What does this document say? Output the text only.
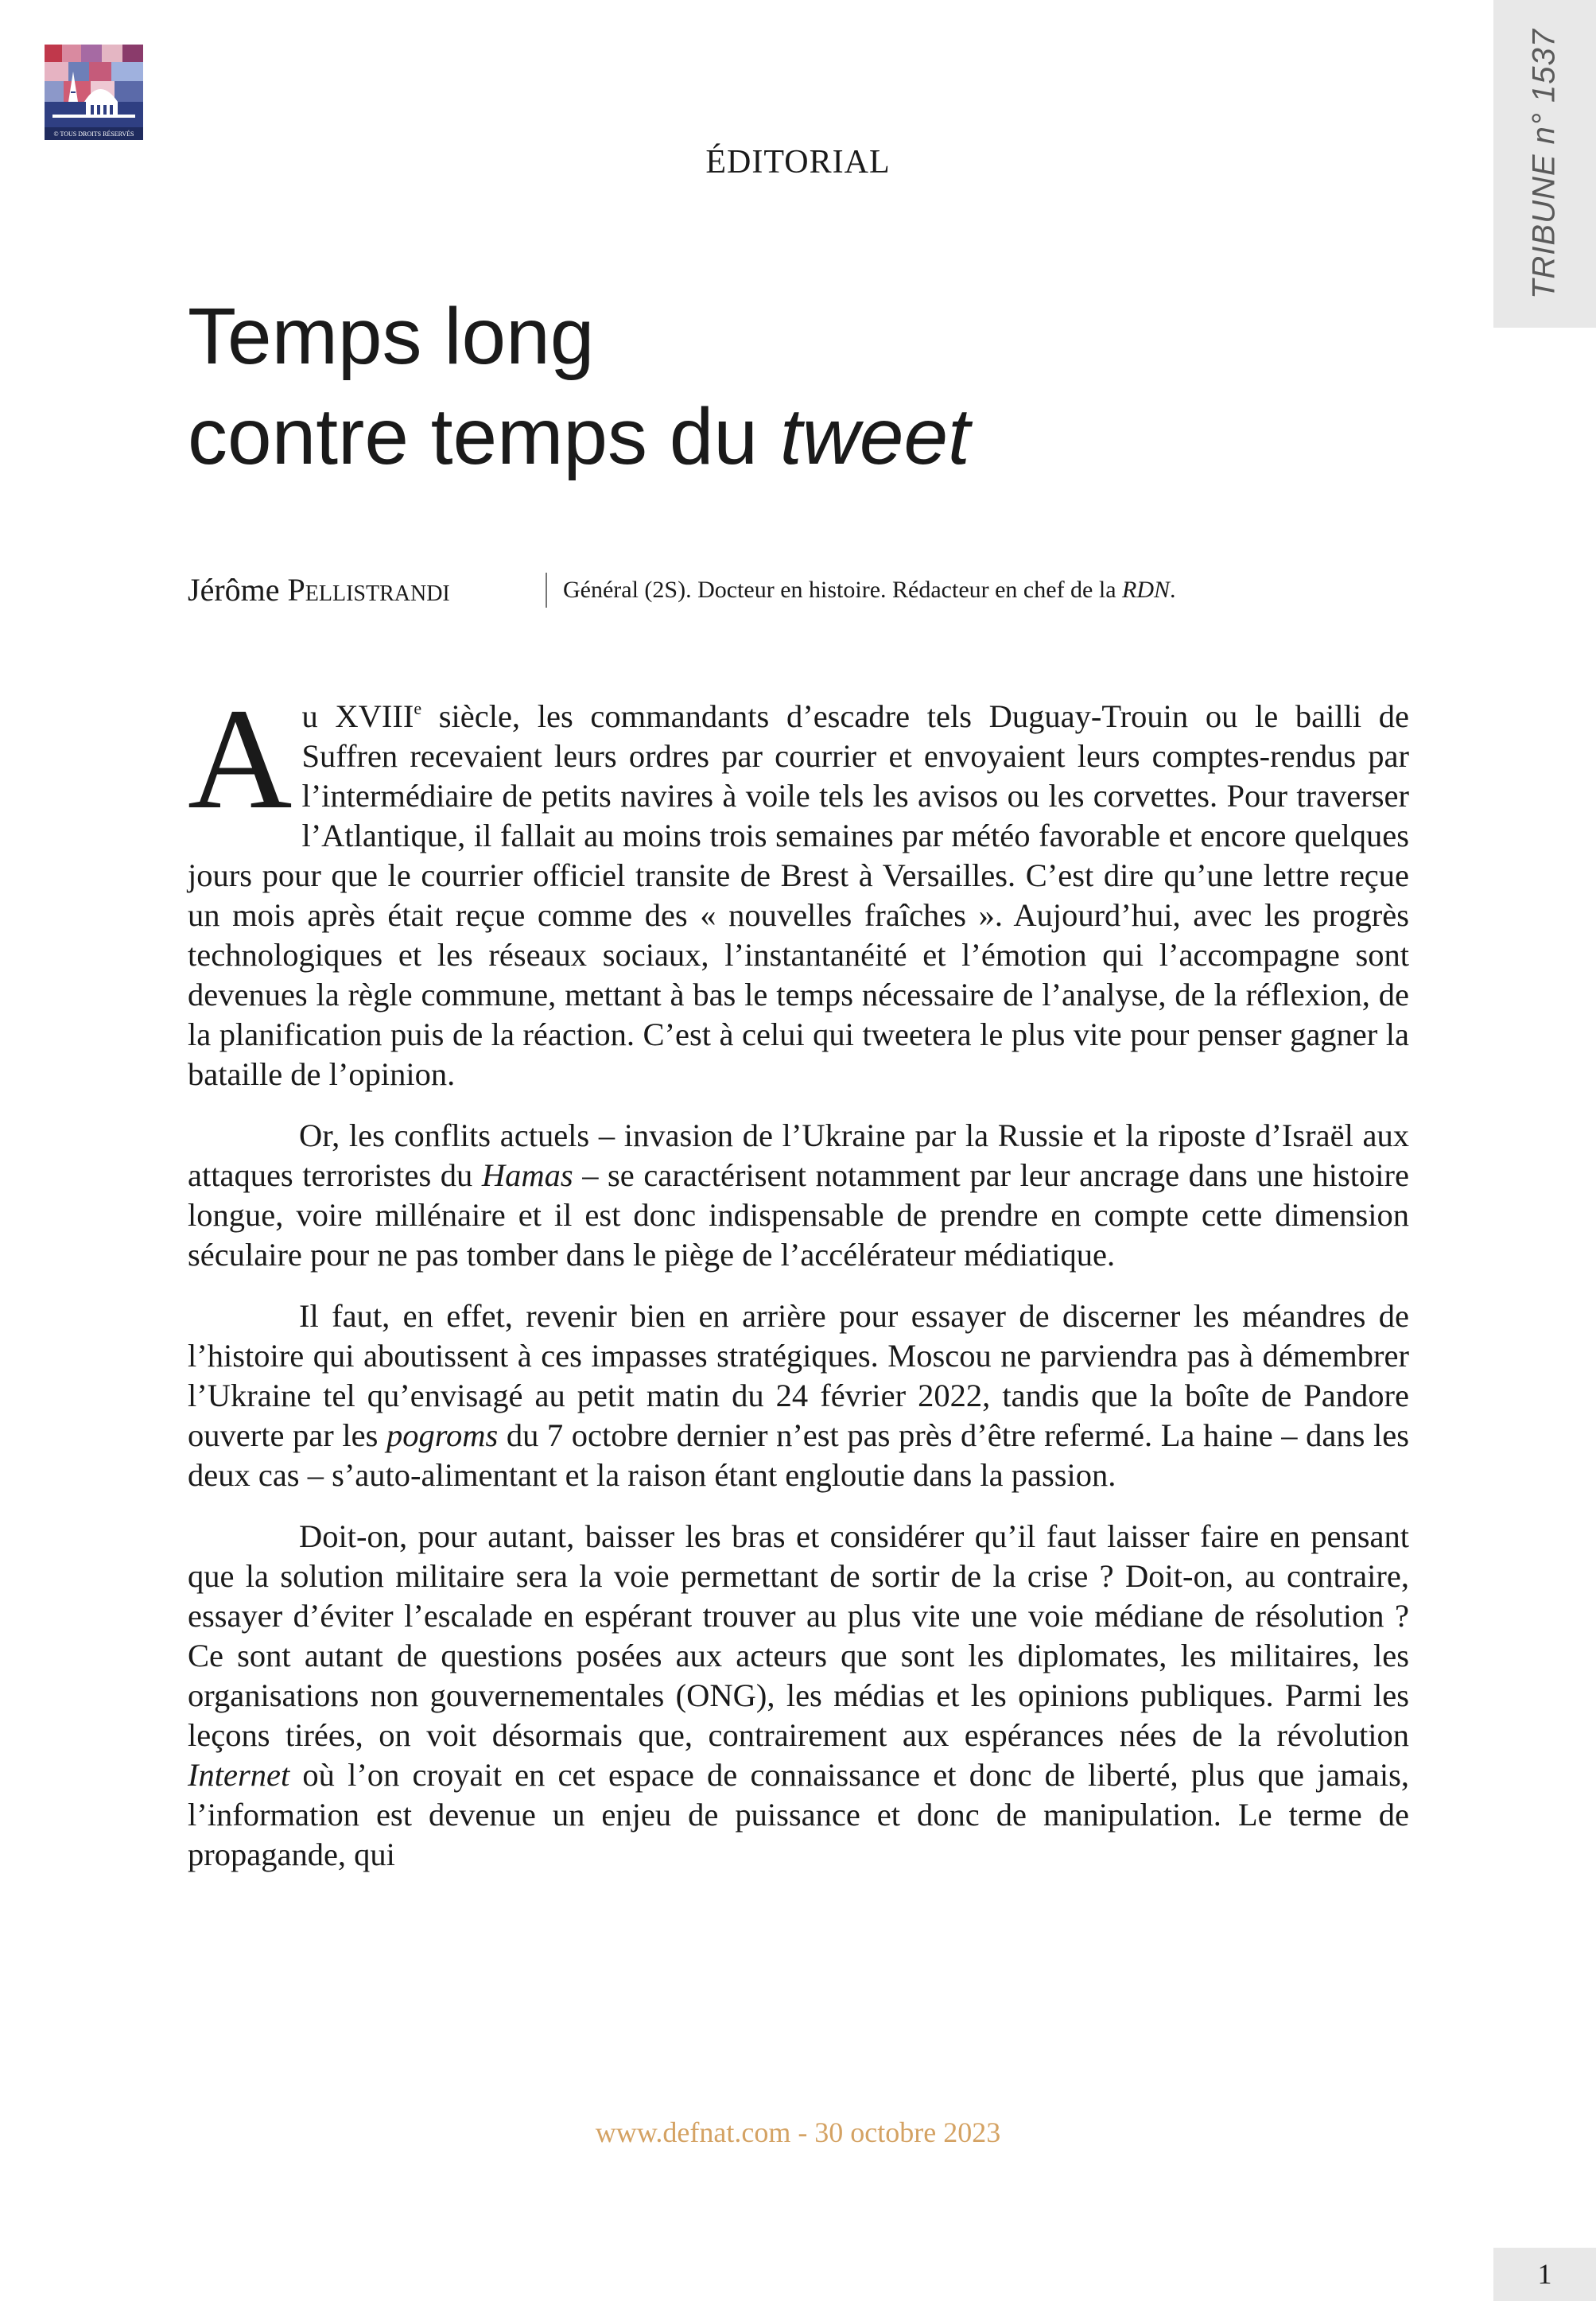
© TOUS DROITS RÉSERVÉS	TRIBUNE n° 1537
ÉDITORIAL
Temps long
contre temps du tweet
Jérôme Pellistrandi	Général (2S). Docteur en histoire. Rédacteur en chef de la RDN.

Au XVIIIe siècle, les commandants d’escadre tels Duguay-Trouin ou le bailli de Suffren recevaient leurs ordres par courrier et envoyaient leurs comptes-rendus par l’intermédiaire de petits navires à voile tels les avisos ou les corvettes. Pour traverser l’Atlantique, il fallait au moins trois semaines par météo favorable et encore quelques jours pour que le courrier officiel transite de Brest à Versailles. C’est dire qu’une lettre reçue un mois après était reçue comme des « nouvelles fraîches ». Aujourd’hui, avec les progrès technologiques et les réseaux sociaux, l’instantanéité et l’émotion qui l’accompagne sont devenues la règle commune, mettant à bas le temps nécessaire de l’analyse, de la réflexion, de la planification puis de la réaction. C’est à celui qui tweetera le plus vite pour penser gagner la bataille de l’opinion.

Or, les conflits actuels – invasion de l’Ukraine par la Russie et la riposte d’Israël aux attaques terroristes du Hamas – se caractérisent notamment par leur ancrage dans une histoire longue, voire millénaire et il est donc indispensable de prendre en compte cette dimension séculaire pour ne pas tomber dans le piège de l’accélérateur médiatique.

Il faut, en effet, revenir bien en arrière pour essayer de discerner les méandres de l’histoire qui aboutissent à ces impasses stratégiques. Moscou ne parviendra pas à démembrer l’Ukraine tel qu’envisagé au petit matin du 24 février 2022, tandis que la boîte de Pandore ouverte par les pogroms du 7 octobre dernier n’est pas près d’être refermé. La haine – dans les deux cas – s’auto-alimentant et la raison étant engloutie dans la passion.

Doit-on, pour autant, baisser les bras et considérer qu’il faut laisser faire en pensant que la solution militaire sera la voie permettant de sortir de la crise ? Doit-on, au contraire, essayer d’éviter l’escalade en espérant trouver au plus vite une voie médiane de résolution ? Ce sont autant de questions posées aux acteurs que sont les diplomates, les militaires, les organisations non gouvernementales (ONG), les médias et les opinions publiques. Parmi les leçons tirées, on voit désormais que, contrairement aux espérances nées de la révolution Internet où l’on croyait en cet espace de connaissance et donc de liberté, plus que jamais, l’information est devenue un enjeu de puissance et donc de manipulation. Le terme de propagande, qui

www.defnat.com - 30 octobre 2023
1
